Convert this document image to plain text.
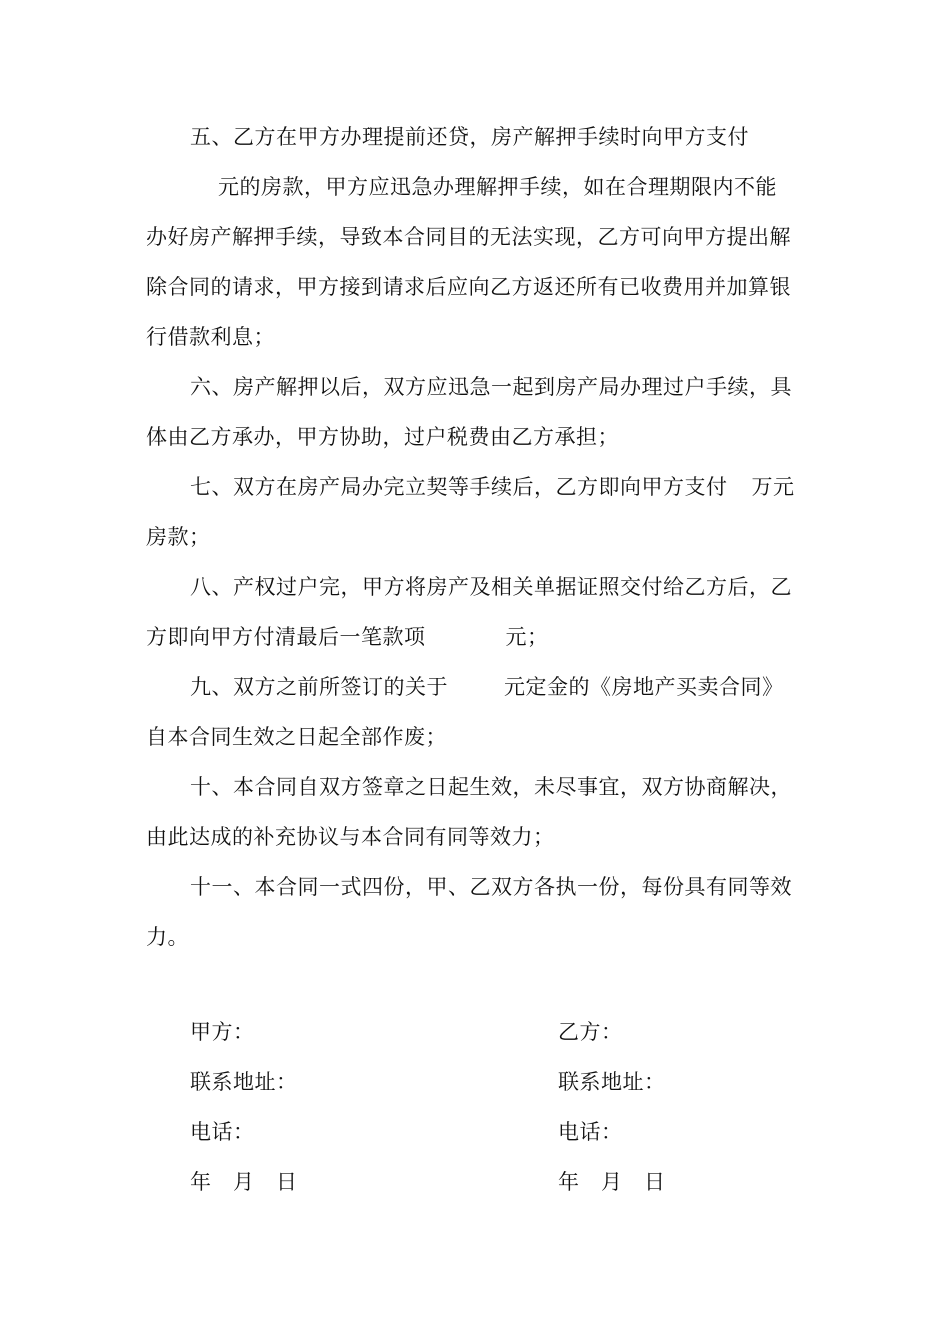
五、乙方在甲方办理提前还贷，房产解押手续时向甲方支付
元的房款，甲方应迅急办理解押手续，如在合理期限内不能
办好房产解押手续，导致本合同目的无法实现，乙方可向甲方提出解
除合同的请求，甲方接到请求后应向乙方返还所有已收费用并加算银
行借款利息；
六、房产解押以后，双方应迅急一起到房产局办理过户手续，具
体由乙方承办，甲方协助，过户税费由乙方承担；
七、双方在房产局办完立契等手续后，乙方即向甲方支付 万元
房款；
八、产权过户完，甲方将房产及相关单据证照交付给乙方后，乙
方即向甲方付清最后一笔款项	元；
九、双方之前所签订的关于	元定金的《房地产买卖合同》
自本合同生效之日起全部作废；
十、本合同自双方签章之日起生效，未尽事宜，双方协商解决，
由此达成的补充协议与本合同有同等效力；
十一、本合同一式四份，甲、乙双方各执一份，每份具有同等效
力。
甲方：
联系地址：
电话：
年　月　日
乙方：
联系地址：
电话：
年　月　日
